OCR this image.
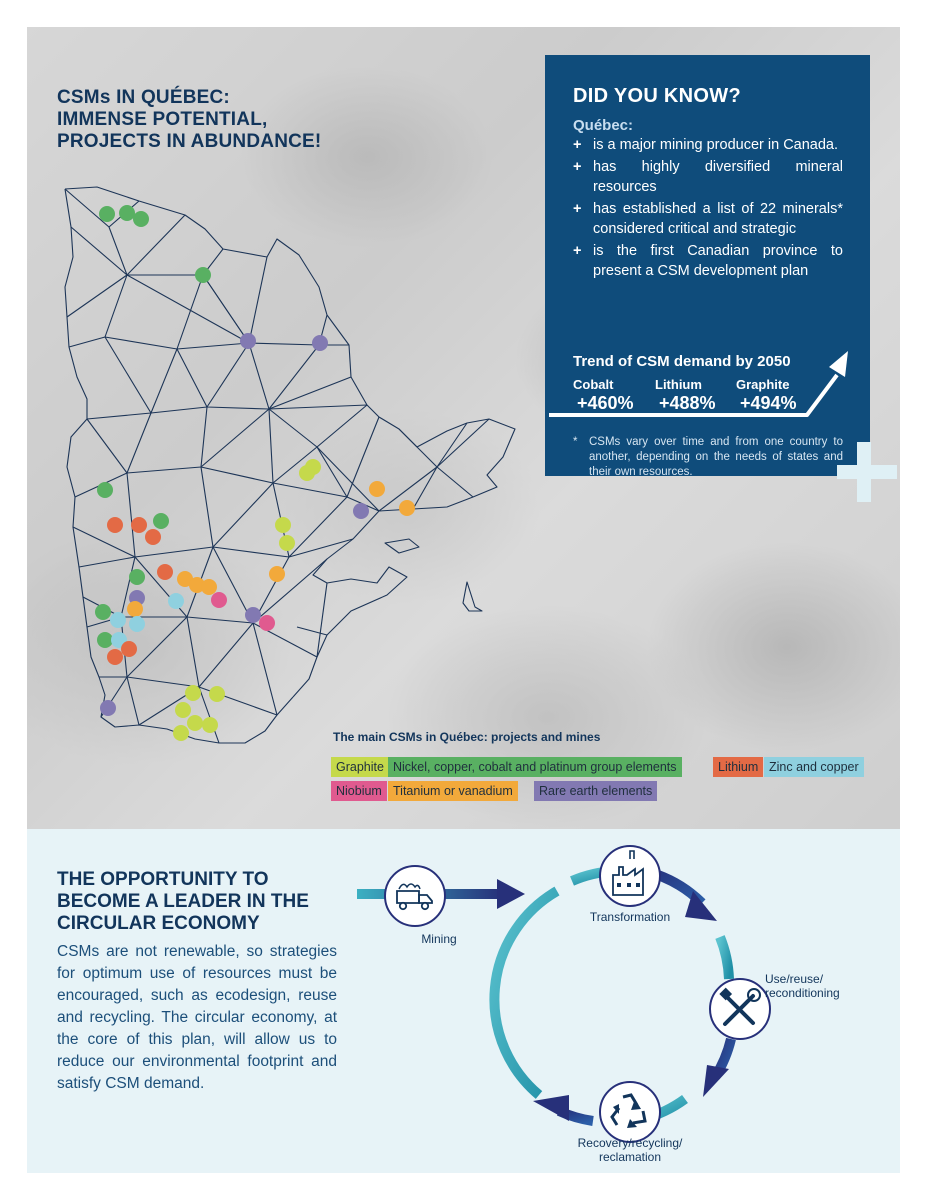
CSMs IN QUÉBEC:
IMMENSE POTENTIAL,
PROJECTS IN ABUNDANCE!
DID YOU KNOW?
Québec:
+ is a major mining producer in Canada.
+ has highly diversified mineral resources
+ has established a list of 22 minerals* considered critical and strategic
+ is the first Canadian province to present a CSM development plan
Trend of CSM demand by 2050
Cobalt
+460%
Lithium
+488%
Graphite
+494%
*	CSMs vary over time and from one country to another, depending on the needs of states and their own resources.
The main CSMs in Québec: projects and mines
Graphite Nickel, copper, cobalt and platinum group elements	Lithium Zinc and copper
Niobium Titanium or vanadium	Rare earth elements
THE OPPORTUNITY TO
BECOME A LEADER IN THE
CIRCULAR ECONOMY

CSMs are not renewable, so strategies for optimum use of resources must be encouraged, such as ecodesign, reuse and recycling. The circular economy, at the core of this plan, will allow us to reduce our environmental footprint and satisfy CSM demand.

Mining
Transformation
Use/reuse/
reconditioning
Recovery/recycling/
reclamation
